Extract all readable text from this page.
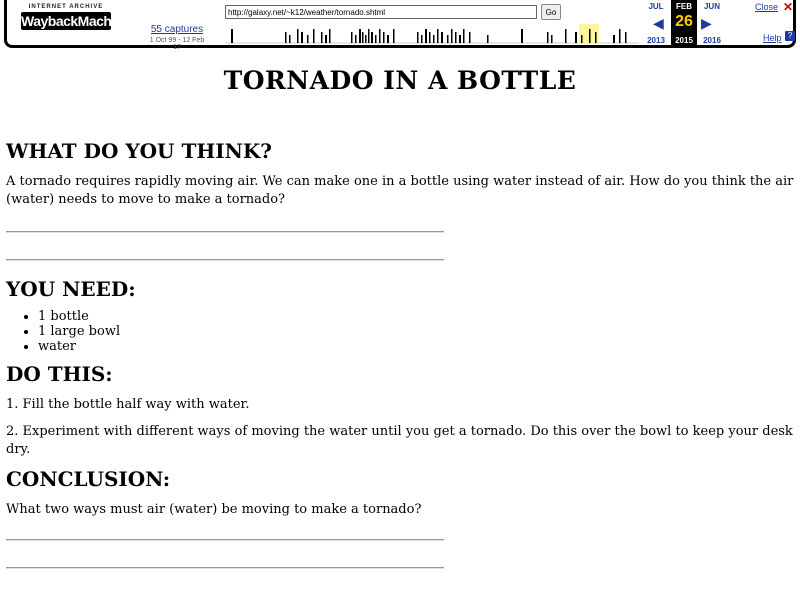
INTERNET ARCHIVE
WaybackMachine
55 captures
1 Oct 99 - 12 Feb 17
http://galaxy.net/~k12/weather/tornado.shtml	Go
JUL
2013
◀
FEB
26
2015
▶
JUN
2016
Close ✕
Help ?
TORNADO IN A BOTTLE
WHAT DO YOU THINK?

A tornado requires rapidly moving air. We can make one in a bottle using water instead of air. How do you think the air (water) needs to move to make a tornado?

YOU NEED:
• 1 bottle
• 1 large bowl
• water
DO THIS:

1. Fill the bottle half way with water.

2. Experiment with different ways of moving the water until you get a tornado. Do this over the bowl to keep your desk dry.

CONCLUSION:

What two ways must air (water) be moving to make a tornado?
